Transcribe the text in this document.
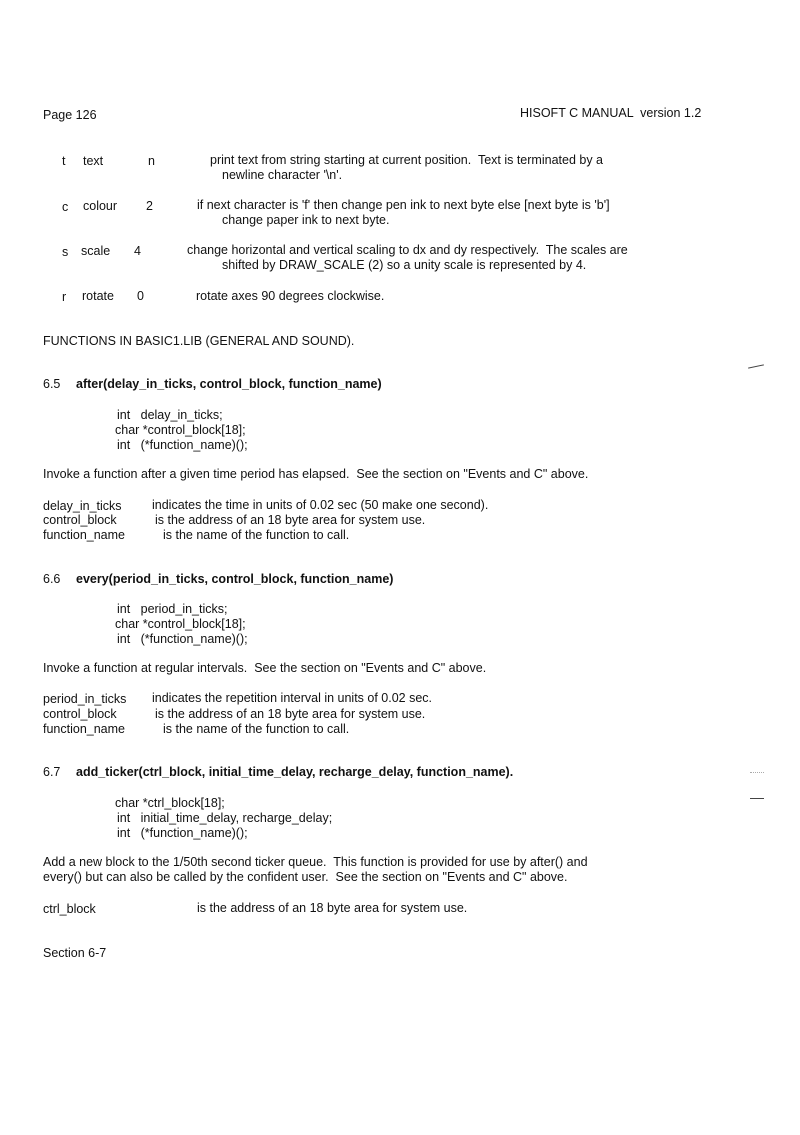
Page 126	HISOFT C MANUAL  version 1.2
t text	n	print text from string starting at current position.  Text is terminated by a
newline character '\n'.
c colour 2	if next character is 'f' then change pen ink to next byte else [next byte is 'b']
change paper ink to next byte.
s scale 4	change horizontal and vertical scaling to dx and dy respectively.  The scales are
shifted by DRAW_SCALE (2) so a unity scale is represented by 4.
r rotate 0	rotate axes 90 degrees clockwise.
FUNCTIONS IN BASIC1.LIB (GENERAL AND SOUND).
6.5 after(delay_in_ticks, control_block, function_name)
int   delay_in_ticks;
char *control_block[18];
int   (*function_name)();
Invoke a function after a given time period has elapsed.  See the section on "Events and C" above.
delay_in_ticks indicates the time in units of 0.02 sec (50 make one second).
control_block	is the address of an 18 byte area for system use.
function_name	is the name of the function to call.
6.6 every(period_in_ticks, control_block, function_name)
int   period_in_ticks;
char *control_block[18];
int   (*function_name)();
Invoke a function at regular intervals.  See the section on "Events and C" above.
period_in_ticks indicates the repetition interval in units of 0.02 sec.
control_block	is the address of an 18 byte area for system use.
function_name	is the name of the function to call.
6.7 add_ticker(ctrl_block, initial_time_delay, recharge_delay, function_name).
char *ctrl_block[18];
int   initial_time_delay, recharge_delay;
int   (*function_name)();
Add a new block to the 1/50th second ticker queue.  This function is provided for use by after() and
every() but can also be called by the confident user.  See the section on "Events and C" above.
ctrl_block	is the address of an 18 byte area for system use.
Section 6-7
